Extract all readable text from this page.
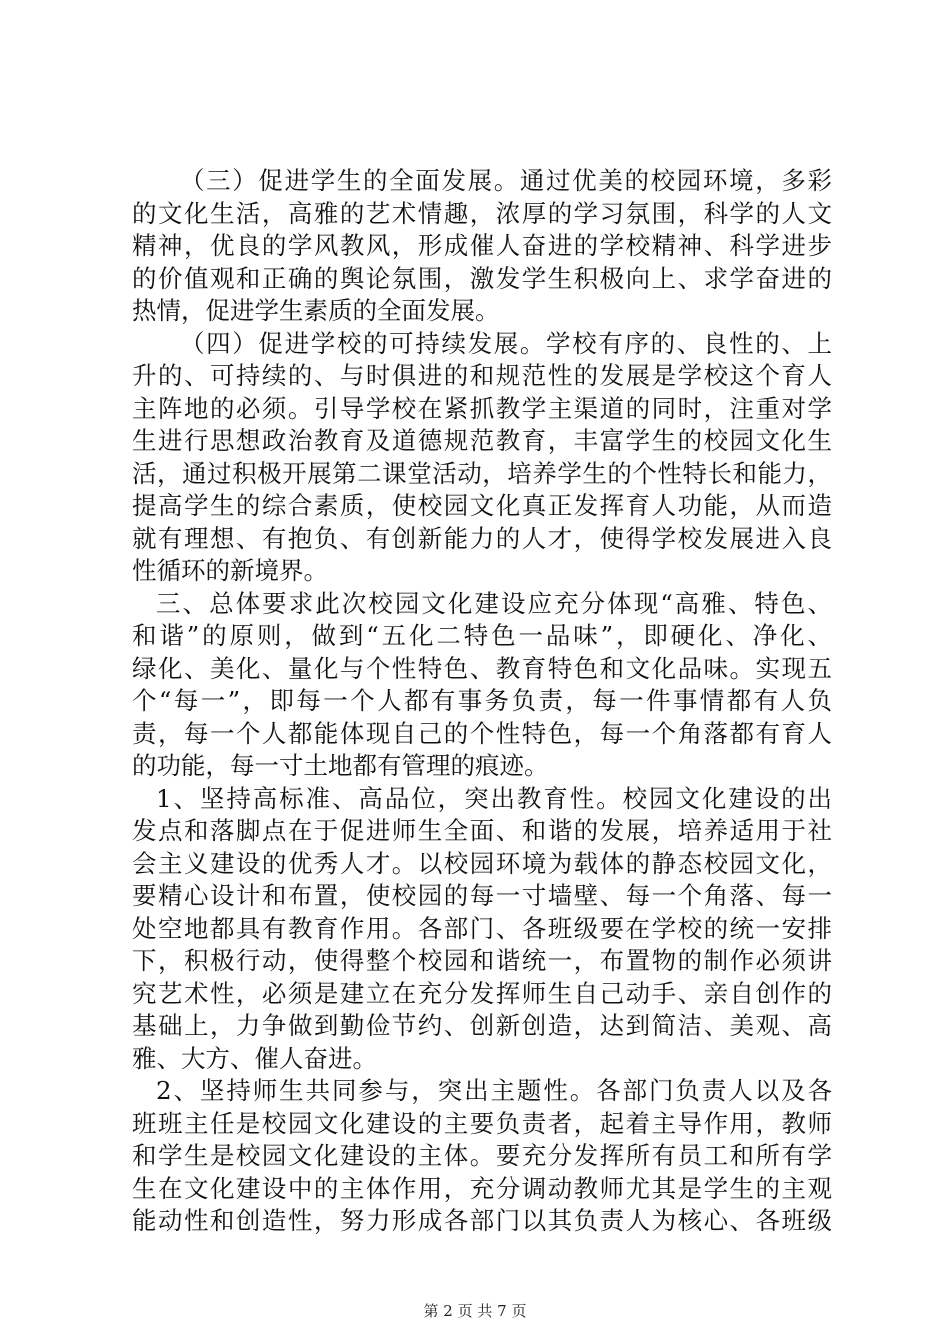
（三）促进学生的全面发展。通过优美的校园环境，多彩
的文化生活，高雅的艺术情趣，浓厚的学习氛围，科学的人文
精神，优良的学风教风，形成催人奋进的学校精神、科学进步
的价值观和正确的舆论氛围，激发学生积极向上、求学奋进的
热情，促进学生素质的全面发展。
（四）促进学校的可持续发展。学校有序的、良性的、上
升的、可持续的、与时俱进的和规范性的发展是学校这个育人
主阵地的必须。引导学校在紧抓教学主渠道的同时，注重对学
生进行思想政治教育及道德规范教育，丰富学生的校园文化生
活，通过积极开展第二课堂活动，培养学生的个性特长和能力，
提高学生的综合素质，使校园文化真正发挥育人功能，从而造
就有理想、有抱负、有创新能力的人才，使得学校发展进入良
性循环的新境界。
三、总体要求此次校园文化建设应充分体现“高雅、特色、
和谐”的原则，做到“五化二特色一品味”，即硬化、净化、
绿化、美化、量化与个性特色、教育特色和文化品味。实现五
个“每一”，即每一个人都有事务负责，每一件事情都有人负
责，每一个人都能体现自己的个性特色，每一个角落都有育人
的功能，每一寸土地都有管理的痕迹。
1、坚持高标准、高品位，突出教育性。校园文化建设的出
发点和落脚点在于促进师生全面、和谐的发展，培养适用于社
会主义建设的优秀人才。以校园环境为载体的静态校园文化，
要精心设计和布置，使校园的每一寸墙壁、每一个角落、每一
处空地都具有教育作用。各部门、各班级要在学校的统一安排
下，积极行动，使得整个校园和谐统一，布置物的制作必须讲
究艺术性，必须是建立在充分发挥师生自己动手、亲自创作的
基础上，力争做到勤俭节约、创新创造，达到简洁、美观、高
雅、大方、催人奋进。
2、坚持师生共同参与，突出主题性。各部门负责人以及各
班班主任是校园文化建设的主要负责者，起着主导作用，教师
和学生是校园文化建设的主体。要充分发挥所有员工和所有学
生在文化建设中的主体作用，充分调动教师尤其是学生的主观
能动性和创造性，努力形成各部门以其负责人为核心、各班级
第 2 页 共 7 页
